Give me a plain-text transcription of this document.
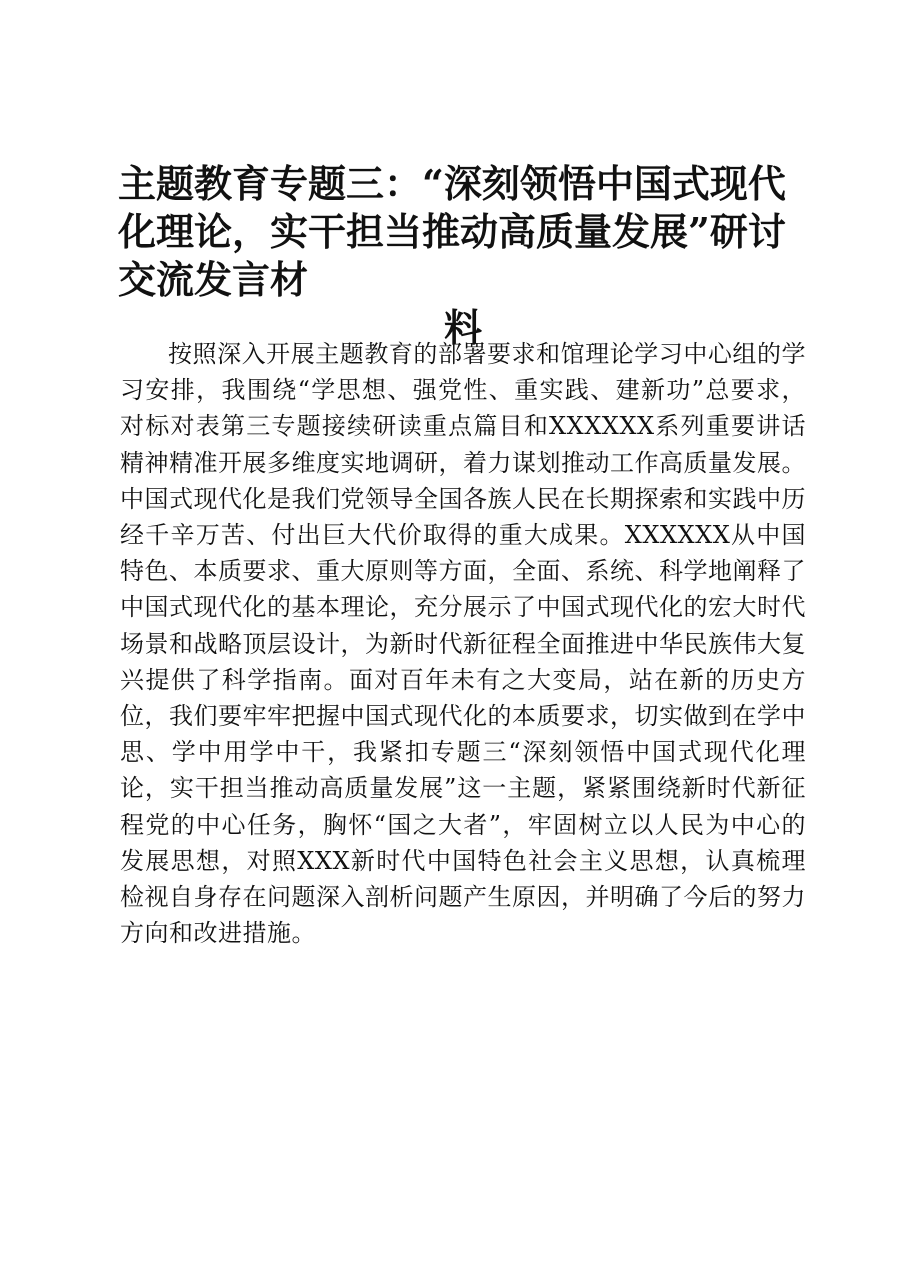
主题教育专题三：“深刻领悟中国式现代化理论，实干担当推动高质量发展”研讨交流发言材
料

按照深入开展主题教育的部署要求和馆理论学习中心组的学习安排，我围绕“学思想、强党性、重实践、建新功”总要求，对标对表第三专题接续研读重点篇目和XXXXXX系列重要讲话精神精准开展多维度实地调研，着力谋划推动工作高质量发展。中国式现代化是我们党领导全国各族人民在长期探索和实践中历经千辛万苦、付出巨大代价取得的重大成果。XXXXXX从中国特色、本质要求、重大原则等方面，全面、系统、科学地阐释了中国式现代化的基本理论，充分展示了中国式现代化的宏大时代场景和战略顶层设计，为新时代新征程全面推进中华民族伟大复兴提供了科学指南。面对百年未有之大变局，站在新的历史方位，我们要牢牢把握中国式现代化的本质要求，切实做到在学中思、学中用学中干，我紧扣专题三“深刻领悟中国式现代化理论，实干担当推动高质量发展”这一主题，紧紧围绕新时代新征程党的中心任务，胸怀“国之大者”，牢固树立以人民为中心的发展思想，对照XXX新时代中国特色社会主义思想，认真梳理检视自身存在问题深入剖析问题产生原因，并明确了今后的努力方向和改进措施。
